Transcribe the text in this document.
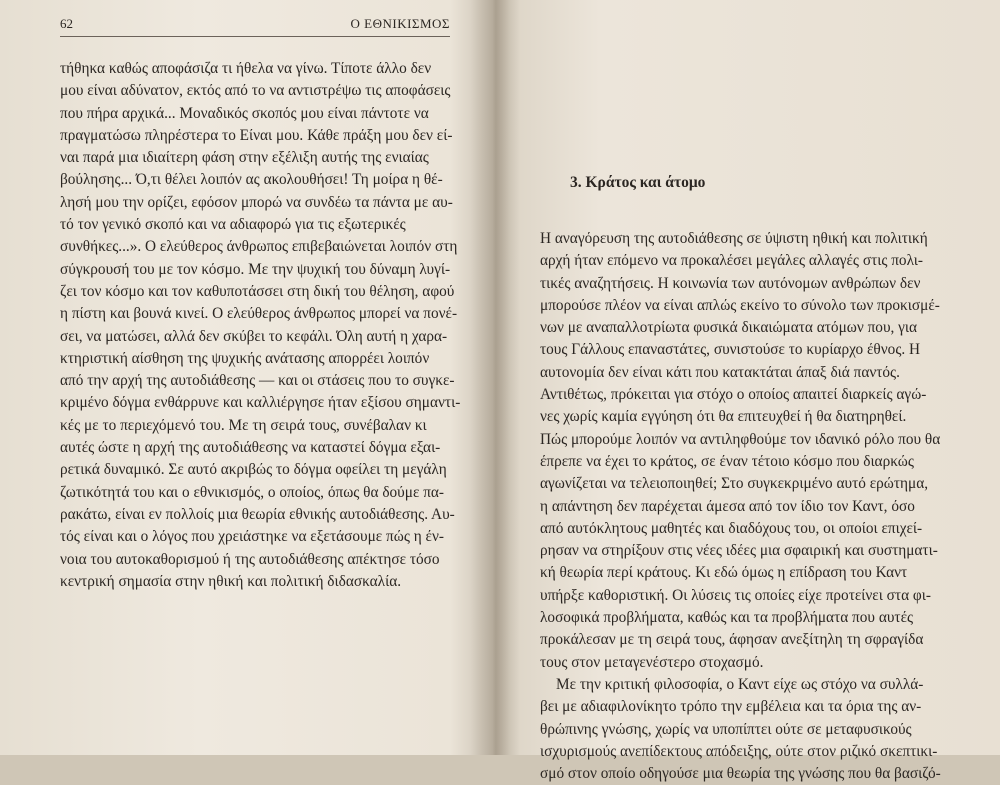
62	Ο ΕΘΝΙΚΙΣΜΟΣ
τήθηκα καθώς αποφάσιζα τι ήθελα να γίνω. Τίποτε άλλο δεν
μου είναι αδύνατον, εκτός από το να αντιστρέψω τις αποφάσεις
που πήρα αρχικά... Μοναδικός σκοπός μου είναι πάντοτε να
πραγματώσω πληρέστερα το Είναι μου. Κάθε πράξη μου δεν εί-
ναι παρά μια ιδιαίτερη φάση στην εξέλιξη αυτής της ενιαίας
βούλησης... Ό,τι θέλει λοιπόν ας ακολουθήσει! Τη μοίρα η θέ-
λησή μου την ορίζει, εφόσον μπορώ να συνδέω τα πάντα με αυ-
τό τον γενικό σκοπό και να αδιαφορώ για τις εξωτερικές
συνθήκες...». Ο ελεύθερος άνθρωπος επιβεβαιώνεται λοιπόν στη
σύγκρουσή του με τον κόσμο. Με την ψυχική του δύναμη λυγί-
ζει τον κόσμο και τον καθυποτάσσει στη δική του θέληση, αφού
η πίστη και βουνά κινεί. Ο ελεύθερος άνθρωπος μπορεί να πονέ-
σει, να ματώσει, αλλά δεν σκύβει το κεφάλι. Όλη αυτή η χαρα-
κτηριστική αίσθηση της ψυχικής ανάτασης απορρέει λοιπόν
από την αρχή της αυτοδιάθεσης — και οι στάσεις που το συγκε-
κριμένο δόγμα ενθάρρυνε και καλλιέργησε ήταν εξίσου σημαντι-
κές με το περιεχόμενό του. Με τη σειρά τους, συνέβαλαν κι
αυτές ώστε η αρχή της αυτοδιάθεσης να καταστεί δόγμα εξαι-
ρετικά δυναμικό. Σε αυτό ακριβώς το δόγμα οφείλει τη μεγάλη
ζωτικότητά του και ο εθνικισμός, ο οποίος, όπως θα δούμε πα-
ρακάτω, είναι εν πολλοίς μια θεωρία εθνικής αυτοδιάθεσης. Αυ-
τός είναι και ο λόγος που χρειάστηκε να εξετάσουμε πώς η έν-
νοια του αυτοκαθορισμού ή της αυτοδιάθεσης απέκτησε τόσο
κεντρική σημασία στην ηθική και πολιτική διδασκαλία.
3. Κράτος και άτομο
Η αναγόρευση της αυτοδιάθεσης σε ύψιστη ηθική και πολιτική
αρχή ήταν επόμενο να προκαλέσει μεγάλες αλλαγές στις πολι-
τικές αναζητήσεις. Η κοινωνία των αυτόνομων ανθρώπων δεν
μπορούσε πλέον να είναι απλώς εκείνο το σύνολο των προκισμέ-
νων με αναπαλλοτρίωτα φυσικά δικαιώματα ατόμων που, για
τους Γάλλους επαναστάτες, συνιστούσε το κυρίαρχο έθνος. Η
αυτονομία δεν είναι κάτι που κατακτάται άπαξ διά παντός.
Αντιθέτως, πρόκειται για στόχο ο οποίος απαιτεί διαρκείς αγώ-
νες χωρίς καμία εγγύηση ότι θα επιτευχθεί ή θα διατηρηθεί.
Πώς μπορούμε λοιπόν να αντιληφθούμε τον ιδανικό ρόλο που θα
έπρεπε να έχει το κράτος, σε έναν τέτοιο κόσμο που διαρκώς
αγωνίζεται να τελειοποιηθεί; Στο συγκεκριμένο αυτό ερώτημα,
η απάντηση δεν παρέχεται άμεσα από τον ίδιο τον Καντ, όσο
από αυτόκλητους μαθητές και διαδόχους του, οι οποίοι επιχεί-
ρησαν να στηρίξουν στις νέες ιδέες μια σφαιρική και συστηματι-
κή θεωρία περί κράτους. Κι εδώ όμως η επίδραση του Καντ
υπήρξε καθοριστική. Οι λύσεις τις οποίες είχε προτείνει στα φι-
λοσοφικά προβλήματα, καθώς και τα προβλήματα που αυτές
προκάλεσαν με τη σειρά τους, άφησαν ανεξίτηλη τη σφραγίδα
τους στον μεταγενέστερο στοχασμό.
Με την κριτική φιλοσοφία, ο Καντ είχε ως στόχο να συλλά-
βει με αδιαφιλονίκητο τρόπο την εμβέλεια και τα όρια της αν-
θρώπινης γνώσης, χωρίς να υποπίπτει ούτε σε μεταφυσικούς
ισχυρισμούς ανεπίδεκτους απόδειξης, ούτε στον ριζικό σκεπτικι-
σμό στον οποίο οδηγούσε μια θεωρία της γνώσης που θα βασιζό-
